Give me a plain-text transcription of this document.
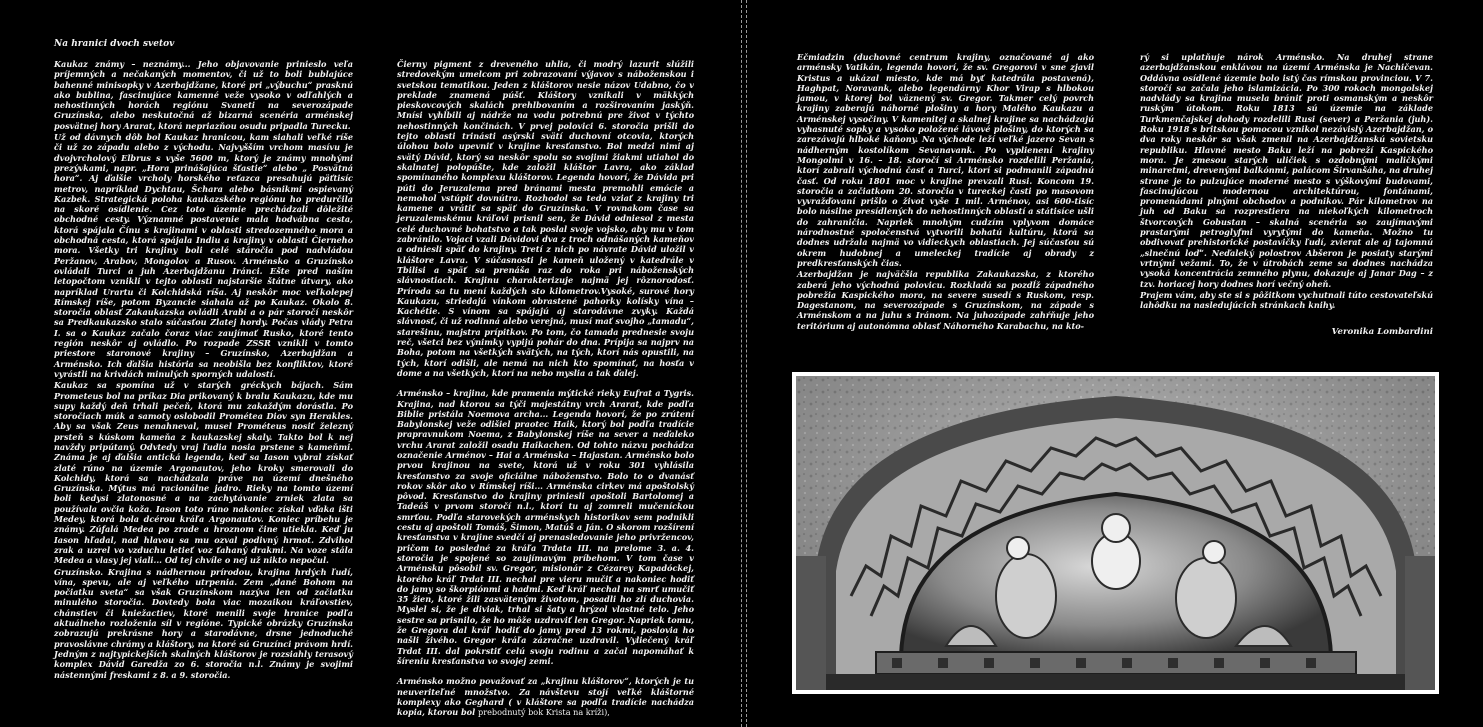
Na hranici dvoch svetov

Kaukaz známy – neznámy... Jeho objavovanie prinieslo veľa príjemných a nečakaných momentov, či už to boli bublajúce bahenné minisopky v Azerbajdžane, ktoré pri „výbuchu“ prasknú ako bublina, fascinujúce kamenné veže vysoko v odľahlých a nehostinných horách regiónu Svaneti na severozápade Gruzínska, alebo neskutočná až bizarná scenéria arménskej posvätnej hory Ararat, ktorá nepriazňou osudu pripadla Turecku.

Už od dávnych dôb bol Kaukaz hranicou, kam siahali veľké ríše či už zo západu alebo z východu. Najvyšším vrchom masívu je dvojvrcholový Elbrus s vyše 5600 m, ktorý je známy mnohými prezývkami, napr. „Hora prinášajúca šťastie“ alebo „ Posvätná hora“. Aj ďalšie vrcholy horského reťazca presahujú päťtisíc metrov, napríklad Dychtau, Šchara alebo básnikmi ospievaný Kazbek. Strategická poloha kaukazského regiónu ho predurčila na skoré osídlenie. Cez toto územie prechádzali dôležité obchodné cesty. Významné postavenie mala hodvábna cesta, ktorá spájala Čínu s krajinami v oblasti stredozemného mora a obchodná cesta, ktorá spájala Indiu a krajiny v oblasti Čierneho mora. Všetky tri krajiny boli celé stáročia pod nadvládou Peržanov, Arabov, Mongolov a Rusov. Arménsko a Gruzínsko ovládali Turci a juh Azerbajdžanu Iránci. Ešte pred naším letopočtom vznikli v tejto oblasti najstaršie štátne útvary, ako napríklad Urartu či Kolchidská ríša. Aj neskôr moc veľkolepej Rímskej ríše, potom Byzancie siahala až po Kaukaz. Okolo 8. storočia oblasť Zakaukazska ovládli Arabi a o pár storočí neskôr sa Predkaukazsko stalo súčasťou Zlatej hordy. Počas vlády Petra I. sa o Kaukaz začalo čoraz viac zaujímať Rusko, ktoré tento región neskôr aj ovládlo. Po rozpade ZSSR vznikli v tomto priestore staronové krajiny – Gruzínsko, Azerbajdžan a Arménsko. Ich ďalšia história sa neobišla bez konfliktov, ktoré vyrástli na krivdách minulých sporných udalostí.

Kaukaz sa spomína už v starých gréckych bájach. Sám Prometeus bol na príkaz Dia prikovaný k bralu Kaukazu, kde mu supy každý deň trhali pečeň, ktorá mu zakaždým dorástla. Po storočiach múk a samoty oslobodil Prométea Diov syn Herakles. Aby sa však Zeus nenahneval, musel Prométeus nosiť železný prsteň s kúskom kameňa z kaukazskej skaly. Takto bol k nej navždy pripútaný. Odvtedy vraj ľudia nosia prstene s kameňmi. Známa je aj ďalšia antická legenda, keď sa Iason vybral získať zlaté rúno na územie Argonautov, jeho kroky smerovali do Kolchidy, ktorá sa nachádzala práve na území dnešného Gruzínska. Mýtus má racionálne jadro. Rieky na tomto území boli kedysi zlatonosné a na zachytávanie zrniek zlata sa používala ovčia koža. Iason toto rúno nakoniec získal vďaka išti Medey, ktorá bola dcérou kráľa Argonautov. Koniec príbehu je známy. Zúfalá Medea po zrade a hroznom čine utiekla. Keď ju Iason hľadal, nad hlavou sa mu ozval podivný hrmot. Zdvihol zrak a uzrel vo vzduchu letieť voz ťahaný drakmi. Na voze stála Medea a vlasy jej viali... Od tej chvíle o nej už nikto nepočul.

Gruzínsko. Krajina s nádhernou prírodou, krajina hrdých ľudí, vína, spevu, ale aj veľkého utrpenia. Zem „dané Bohom na počiatku sveta“ sa však Gruzínskom nazýva len od začiatku minulého storočia. Dovtedy bola viac mozaikou kráľovstiev, chánstiev či kniežactiev, ktoré menili svoje hranice podľa aktuálneho rozloženia síl v regióne. Typické obrázky Gruzínska zobrazujú prekrásne hory a starodávne, drsne jednoduché pravoslávne chrámy a kláštory, na ktoré sú Gruzínci právom hrdí. Jedným z najtypickejších skalných kláštorov je rozsiahly terasový komplex Dávid Garedža zo 6. storočia n.l. Známy je svojimi nástennými freskami z 8. a 9. storočia.

Čierny pigment z dreveného uhlia, či modrý lazurit slúžili stredovekým umelcom pri zobrazovaní výjavov s náboženskou i svetskou tematikou. Jeden z kláštorov nesie názov Udabno, čo v preklade znamená púšť. Kláštory vznikali v mäkkých pieskovcových skalách prehlbovaním a rozširovaním jaskýň. Mnísi vyhĺbili aj nádrže na vodu potrebnú pre život v týchto nehostinných končinách. V prvej polovici 6. storočia prišli do tejto oblasti trinásti asýrski svätí duchovní otcovia, ktorých úlohou bolo upevniť v krajine kresťanstvo. Bol medzi nimi aj svätý Dávid, ktorý sa neskôr spolu so svojimi žiakmi utiahol do skalnatej polopúšte, kde založil kláštor Lavra, ako základ spomínaného komplexu kláštorov. Legenda hovorí, že Dávida pri púti do Jeruzalema pred bránami mesta premohli emócie a nemohol vstúpiť dovnútra. Rozhodol sa teda vziať z krajiny tri kamene a vrátiť sa späť do Gruzínska. V rovnakom čase sa jeruzalemskému kráľovi prisnil sen, že Dávid odniesol z mesta celé duchovné bohatstvo a tak poslal svoje vojsko, aby mu v tom zabránilo. Vojaci vzali Dávidovi dva z troch odnášaných kameňov a odniesli späť do krajiny. Tretí z nich po návrate Dávid uložil v kláštore Lavra. V súčasnosti je kameň uložený v katedrále v Tbilisi a späť sa prenáša raz do roka pri náboženských slávnostiach. Krajinu charakterizuje najmä jej rôznorodosť. Príroda sa tu mení každých sto kilometrov.Vysoké, surové hory Kaukazu, striedajú vínkom obrastené pahorky kolísky vína – Kachétie. S vínom sa spájajú aj starodávne zvyky. Každá slávnosť, či už rodinná alebo verejná, musí mať svojho „tamadu“, starešinu, majstra prípitkov. Po tom, čo tamada prednesie svoju reč, všetci bez výnimky vypijú pohár do dna. Prípija sa najprv na Boha, potom na všetkých svätých, na tých, ktorí nás opustili, na tých, ktorí odišli, ale nemá na nich kto spomínať, na hosťa v dome a na všetkých, ktorí na nebo myslia a tak ďalej.

Arménsko – krajina, kde pramenia mýtické rieky Eufrat a Tygris. Krajina, nad ktorou sa týči majestátny vrch Ararat, kde podľa Biblie pristála Noemova archa... Legenda hovorí, že po zrútení Babylonskej veže odišiel praotec Haik, ktorý bol podľa tradície prapravnukom Noema, z Babylonskej ríše na sever a neďaleko vrchu Ararat založil osadu Haikachen. Od tohto názvu pochádza označenie Arménov – Hai a Arménska – Hajastan. Arménsko bolo prvou krajinou na svete, ktorá už v roku 301 vyhlásila kresťanstvo za svoje oficiálne náboženstvo. Bolo to o dvanásť rokov skôr ako v Rímskej ríši... Arménska cirkev má apoštolský pôvod. Kresťanstvo do krajiny priniesli apoštoli Bartolomej a Tadeáš v prvom storočí n.l., ktorí tu aj zomreli mučeníckou smrťou. Podľa starovekých arménskych historikov sem podnikli cestu aj apoštoli Tomáš, Šimon, Matúš a Ján. O skorom rozšírení kresťanstva v krajine svedčí aj prenasledovanie jeho privržencov, pričom to posledné za kráľa Trdata III. na prelome 3. a. 4. storočia je spojené so zaujímavým príbehom. V tom čase v Arménsku pôsobil sv. Gregor, misionár z Cézarey Kapadóckej, ktorého kráľ Trdat III. nechal pre vieru mučiť a nakoniec hodiť do jamy so škorpiónmi a hadmi. Keď kráľ nechal na smrť umučiť 35 žien, ktoré žili zasväteným životom, posadli ho zlí duchovia. Myslel si, že je diviak, trhal si šaty a hrýzol vlastné telo. Jeho sestre sa prisnilo, že ho môže uzdraviť len Gregor. Napriek tomu, že Gregora dal kráľ hodiť do jamy pred 13 rokmi, poslovia ho našli živého. Gregor kráľa zázračne uzdravil. Vyliečený kráľ Trdat III. dal pokrstiť celú svoju rodinu a začal napomáhať k šíreniu kresťanstva vo svojej zemi.

Arménsko možno považovať za „krajinu kláštorov“, ktorých je tu neuveriteľné množstvo. Za návštevu stojí veľké kláštorné komplexy ako Geghard ( v kláštore sa podľa tradície nachádza kopia, ktorou bol prebodnutý bok Krista na kríži),

Ečmiadzin (duchovné centrum krajiny, označované aj ako arménsky Vatikán, legenda hovorí, že sv. Gregorovi v sne zjavil Kristus a ukázal miesto, kde má byť katedrála postavená), Haghpat, Noravank, alebo legendárny Khor Virap s hlbokou jamou, v ktorej bol väznený sv. Gregor. Takmer celý povrch krajiny zaberajú náhorné plošiny a hory Malého Kaukazu a Arménskej vysočiny. V kamenitej a skalnej krajine sa nachádzajú vyhasnuté sopky a vysoko položené lávové plošiny, do ktorých sa zarezávajú hlboké kaňony. Na východe leží veľké jazero Sevan s nádherným kostolíkom Sevanavank. Po vyplienení krajiny Mongolmi v 16. – 18. storočí si Arménsko rozdelili Peržania, ktorí zabrali východnú časť a Turci, ktorí si podmanili západnú časť. Od roku 1801 moc v krajine prevzali Rusi. Koncom 19. storočia a začiatkom 20. storočia v tureckej časti po masovom vyvražďovaní prišlo o život vyše 1 mil. Arménov, asi 600-tisíc bolo násilne presídlených do nehostinných oblastí a státisíce ušli do zahraničia. Napriek mnohým cudzím vplyvom domáce národnostné spoločenstvá vytvorili bohatú kultúru, ktorá sa dodnes udržala najmä vo vidieckych oblastiach. Jej súčasťou sú okrem hudobnej a umeleckej tradície aj obrady z predkresťanských čias.

Azerbajdžan je najväčšia republika Zakaukazska, z ktorého zaberá jeho východnú polovicu. Rozkladá sa pozdĺž západného pobrežia Kaspického mora, na severe susedí s Ruskom, resp. Dagestanom, na severozápade s Gruzínskom, na západe s Arménskom a na juhu s Iránom. Na juhozápade zahŕňuje jeho teritórium aj autonómna oblasť Náhorného Karabachu, na kto-

rý si uplatňuje nárok Arménsko. Na druhej strane azerbajdžanskou enklávou na území Arménska je Nachičevan. Oddávna osídlené územie bolo istý čas rímskou provinciou. V 7. storočí sa začala jeho islamizácia. Po 300 rokoch mongolskej nadvlády sa krajina musela brániť proti osmanským a neskôr ruským útokom. Roku 1813 sú územie na základe Turkmenčajskej dohody rozdelili Rusi (sever) a Peržania (juh). Roku 1918 s britskou pomocou vznikol nezávislý Azerbajdžan, o dva roky neskôr sa však zmenil na Azerbajdžanskú sovietsku republiku. Hlavné mesto Baku leží na pobreží Kaspického mora. Je zmesou starých uličiek s ozdobnými maličkými minaretmi, drevenými balkónmi, palácom Širvanšáha, na druhej strane je to pulzujúce moderné mesto s výškovými budovami, fascinujúcou modernou architektúrou, fontánami, promenádami plnými obchodov a podnikov. Pár kilometrov na juh od Baku sa rozprestiera na niekoľkých kilometroch štvorcových Gobustan – skalná scenéria so zaujímavými prastarými petroglyfmi vyrytými do kameňa. Možno tu obdivovať prehistorické postavičky ľudí, zvierat ale aj tajomnú „slnečnú loď“. Neďaleký polostrov Abšeron je posiaty starými vrtnými vežami. To, že v útrobách zeme sa dodnes nachádza vysoká koncentrácia zemného plynu, dokazuje aj Janar Dag – z tzv. horiacej hory dodnes horí večný oheň.

Prajem vám, aby ste si s pôžitkom vychutnali túto cestovateľskú lahôdku na nasledujúcich stránkach knihy.

Veronika Lombardini
